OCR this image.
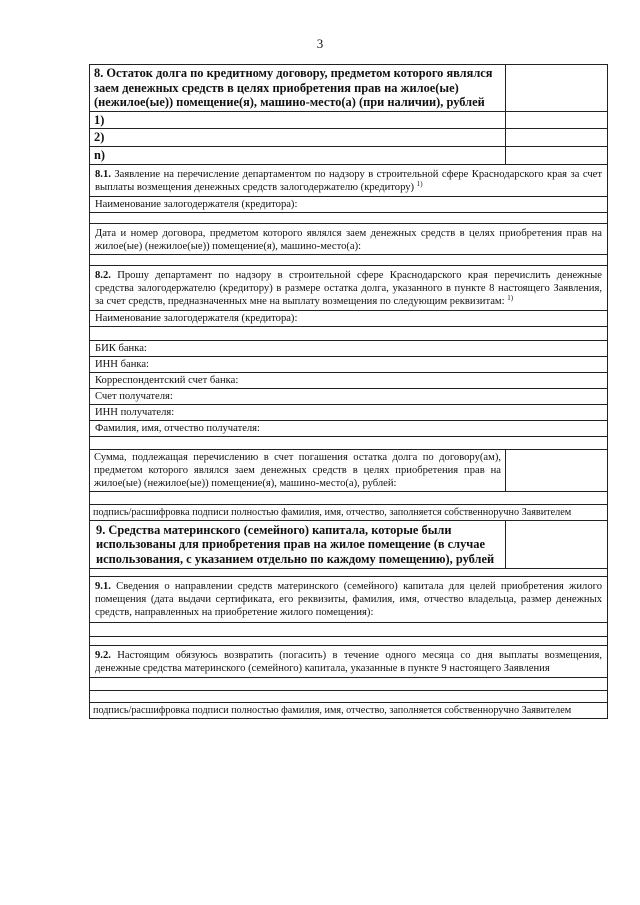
3
8. Остаток долга по кредитному договору, предметом которого являлся заем денежных средств в целях приобретения прав на жилое(ые) (нежилое(ые)) помещение(я), машино-место(а) (при наличии), рублей
1)
2)
n)
8.1. Заявление на перечисление департаментом по надзору в строительной сфере Краснодарского края за счет выплаты возмещения денежных средств залогодержателю (кредитору) $^{1)}$
Наименование залогодержателя (кредитора):
Дата и номер договора, предметом которого являлся заем денежных средств в целях приобретения прав на жилое(ые) (нежилое(ые)) помещение(я), машино-место(а):
8.2. Прошу департамент по надзору в строительной сфере Краснодарского края перечислить денежные средства залогодержателю (кредитору) в размере остатка долга, указанного в пункте 8 настоящего Заявления, за счет средств, предназначенных мне на выплату возмещения по следующим реквизитам: $^{1)}$
Наименование залогодержателя (кредитора):
БИК банка:
ИНН банка:
Корреспондентский счет банка:
Счет получателя:
ИНН получателя:
Фамилия, имя, отчество получателя:
Сумма, подлежащая перечислению в счет погашения остатка долга по договору(ам), предметом которого являлся заем денежных средств в целях приобретения прав на жилое(ые) (нежилое(ые)) помещение(я), машино-место(а), рублей:
подпись/расшифровка подписи полностью фамилия, имя, отчество, заполняется собственноручно Заявителем
9. Средства материнского (семейного) капитала, которые были использованы для приобретения прав на жилое помещение (в случае использования, с указанием отдельно по каждому помещению), рублей
9.1. Сведения о направлении средств материнского (семейного) капитала для целей приобретения жилого помещения (дата выдачи сертификата, его реквизиты, фамилия, имя, отчество владельца, размер денежных средств, направленных на приобретение жилого помещения):
9.2. Настоящим обязуюсь возвратить (погасить) в течение одного месяца со дня выплаты возмещения, денежные средства материнского (семейного) капитала, указанные в пункте 9 настоящего Заявления
подпись/расшифровка подписи полностью фамилия, имя, отчество, заполняется собственноручно Заявителем
